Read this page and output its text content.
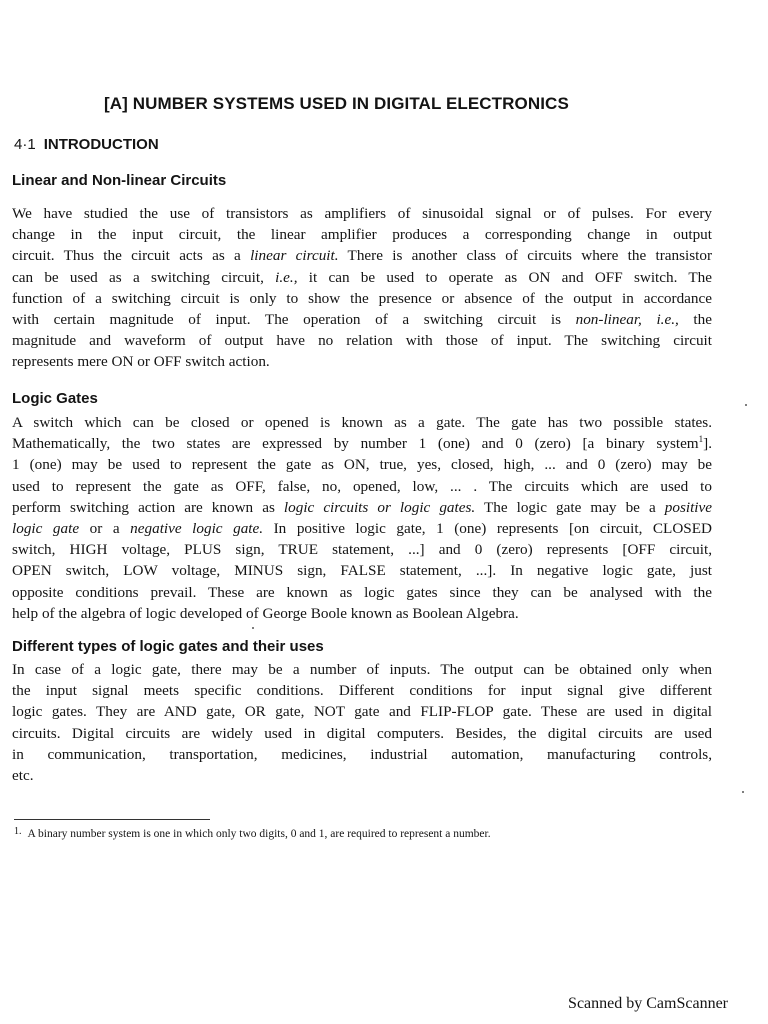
[A] NUMBER SYSTEMS USED IN DIGITAL ELECTRONICS
4·1 INTRODUCTION
Linear and Non-linear Circuits
We have studied the use of transistors as amplifiers of sinusoidal signal or of pulses. For every
change in the input circuit, the linear amplifier produces a corresponding change in output
circuit. Thus the circuit acts as a linear circuit. There is another class of circuits where the transistor
can be used as a switching circuit, i.e., it can be used to operate as ON and OFF switch. The
function of a switching circuit is only to show the presence or absence of the output in accordance
with certain magnitude of input. The operation of a switching circuit is non-linear, i.e., the
magnitude and waveform of output have no relation with those of input. The switching circuit
represents mere ON or OFF switch action.
Logic Gates
A switch which can be closed or opened is known as a gate. The gate has two possible states.
Mathematically, the two states are expressed by number 1 (one) and 0 (zero) [a binary system$^1$].
1 (one) may be used to represent the gate as ON, true, yes, closed, high, ... and 0 (zero) may be
used to represent the gate as OFF, false, no, opened, low, ... . The circuits which are used to
perform switching action are known as logic circuits or logic gates. The logic gate may be a positive
logic gate or a negative logic gate. In positive logic gate, 1 (one) represents [on circuit, CLOSED
switch, HIGH voltage, PLUS sign, TRUE statement, ...] and 0 (zero) represents [OFF circuit,
OPEN switch, LOW voltage, MINUS sign, FALSE statement, ...]. In negative logic gate, just
opposite conditions prevail. These are known as logic gates since they can be analysed with the
help of the algebra of logic developed of George Boole known as Boolean Algebra.
Different types of logic gates and their uses
In case of a logic gate, there may be a number of inputs. The output can be obtained only when
the input signal meets specific conditions. Different conditions for input signal give different
logic gates. They are AND gate, OR gate, NOT gate and FLIP-FLOP gate. These are used in digital
circuits. Digital circuits are widely used in digital computers. Besides, the digital circuits are used
in communication, transportation, medicines, industrial automation, manufacturing controls,
etc.
1. A binary number system is one in which only two digits, 0 and 1, are required to represent a number.
Scanned by CamScanner
